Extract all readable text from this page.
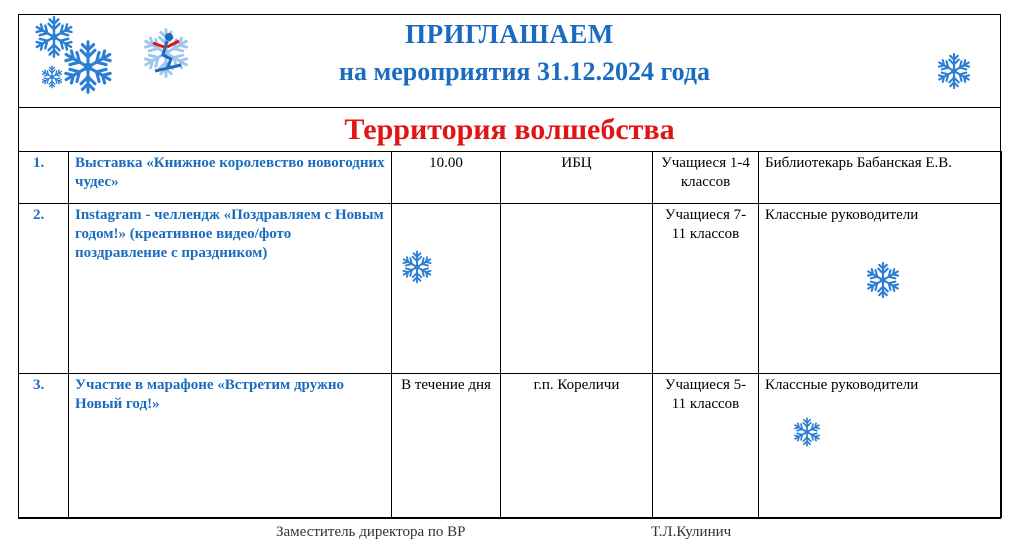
ПРИГЛАШАЕМ
на мероприятия 31.12.2024 года
Территория волшебства
1.	Выставка «Книжное королевство новогодних чудес»	10.00	ИБЦ	Учащиеся 1-4 классов	Библиотекарь Бабанская Е.В.
2.	Instagram - челлендж «Поздравляем с Новым годом!» (креативное видео/фото поздравление с праздником)			Учащиеся 7-11 классов	Классные руководители

3.	Участие в марафоне «Встретим дружно Новый год!»	В течение дня	г.п. Кореличи	Учащиеся 5-11 классов	Классные руководители
Заместитель директора по ВР	Т.Л.Кулинич
